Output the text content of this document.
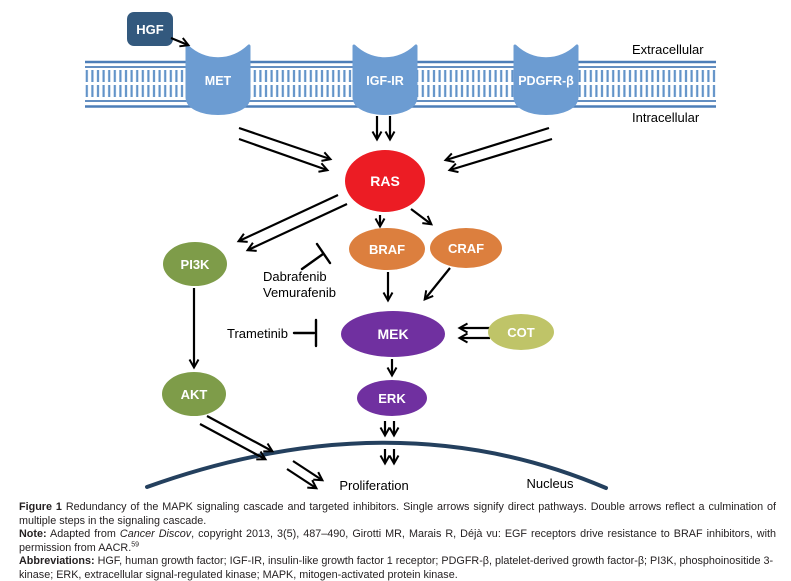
MET	IGF-IR	PDGFR-β
HGF
Extracellular
Intracellular
RAS
BRAF	CRAF
PI3K
MEK	COT
AKT	ERK
Dabrafenib
Vemurafenib
Trametinib
Proliferation	Nucleus

Figure 1 Redundancy of the MAPK signaling cascade and targeted inhibitors. Single arrows signify direct pathways. Double arrows reflect a culmination of multiple steps in the signaling cascade.

Note: Adapted from Cancer Discov, copyright 2013, 3(5), 487–490, Girotti MR, Marais R, Déjà vu: EGF receptors drive resistance to BRAF inhibitors, with permission from AACR.$^{59}$

Abbreviations: HGF, human growth factor; IGF-IR, insulin-like growth factor 1 receptor; PDGFR-β, platelet-derived growth factor-β; PI3K, phosphoinositide 3-kinase; ERK, extracellular signal-regulated kinase; MAPK, mitogen-activated protein kinase.
